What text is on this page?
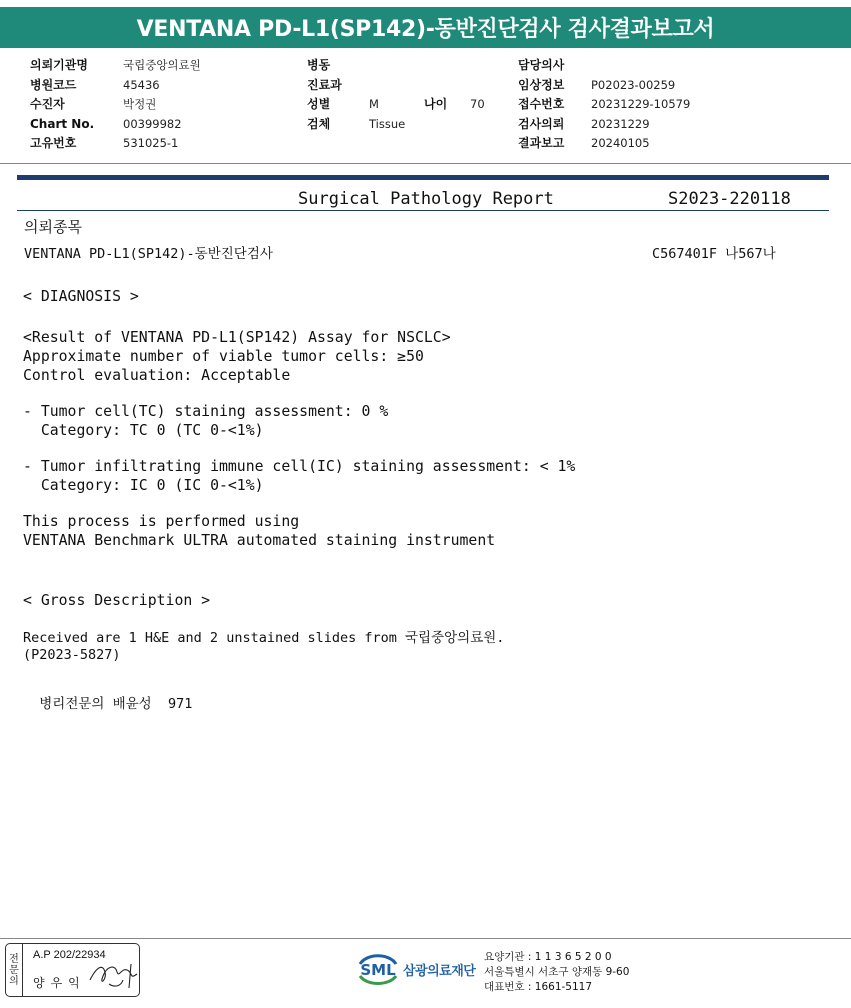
VENTANA PD-L1(SP142)-동반진단검사 검사결과보고서
의뢰기관명	국립중앙의료원
병원코드	45436
수진자	박정권
Chart No.	00399982
고유번호	531025-1
병동
진료과
성별	M	나이	70
검체	Tissue
담당의사
임상정보	P02023-00259
접수번호	20231229-10579
검사의뢰	20231229
결과보고	20240105
Surgical Pathology Report	S2023-220118
의뢰종목
VENTANA PD-L1(SP142)-동반진단검사	C567401F 나567나
< DIAGNOSIS >
<Result of VENTANA PD-L1(SP142) Assay for NSCLC>
Approximate number of viable tumor cells: ≥50
Control evaluation: Acceptable
- Tumor cell(TC) staining assessment: 0 %
Category: TC 0 (TC 0-<1%)
- Tumor infiltrating immune cell(IC) staining assessment: < 1%
Category: IC 0 (IC 0-<1%)
This process is performed using
VENTANA Benchmark ULTRA automated staining instrument
< Gross Description >
Received are 1 H&E and 2 unstained slides from 국립중앙의료원.
(P2023-5827)
병리전문의 배윤성  971
전
문
의
A.P 202/22934
양우익
SML 삼광의료재단
요양기관 : 1 1 3 6 5 2 0 0
서울특별시 서초구 양재동 9-60
대표번호 : 1661-5117
